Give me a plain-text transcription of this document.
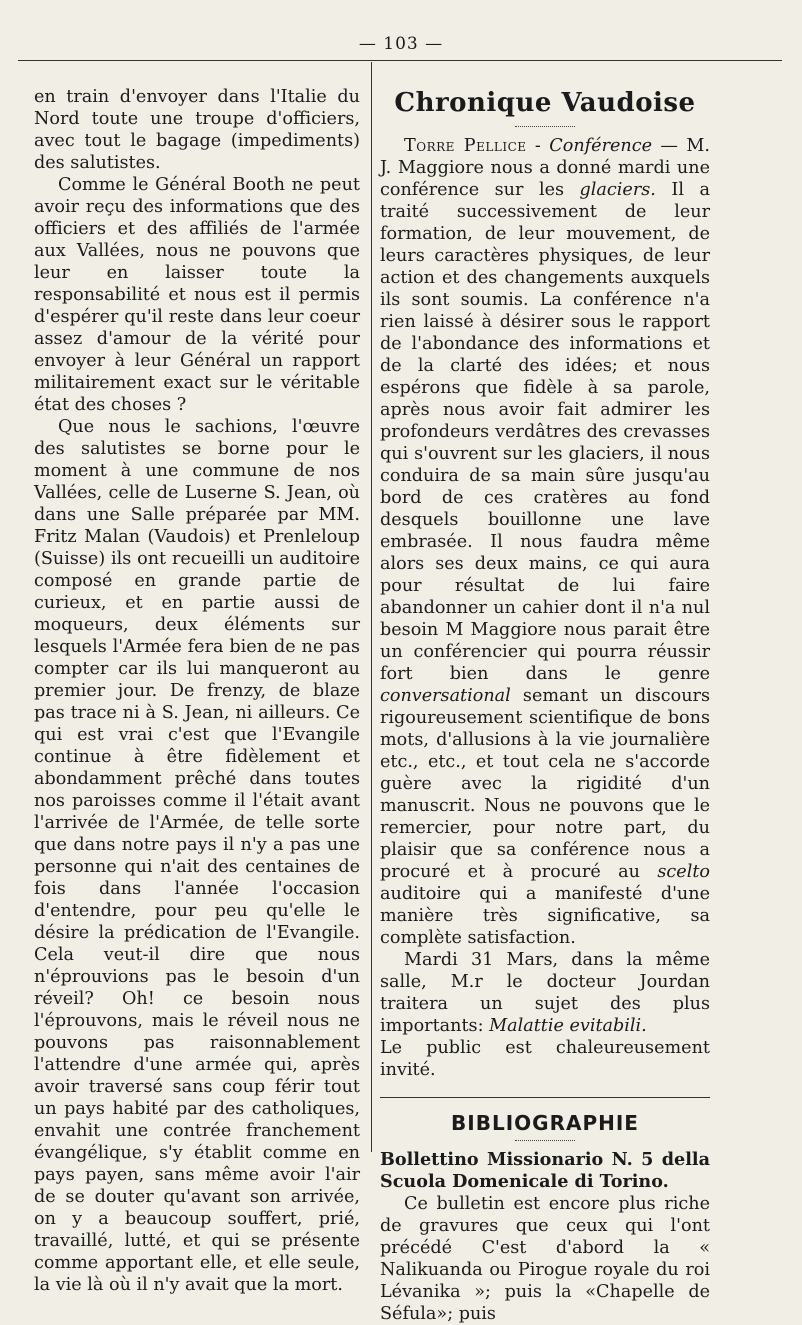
— 103 —

en train d'envoyer dans l'Italie du Nord toute une troupe d'officiers, avec tout le bagage (impediments) des salutistes.

Comme le Général Booth ne peut avoir reçu des informations que des officiers et des affiliés de l'armée aux Vallées, nous ne pouvons que leur en laisser toute la responsabilité et nous est il permis d'espérer qu'il reste dans leur coeur assez d'amour de la vérité pour envoyer à leur Général un rapport militairement exact sur le véritable état des choses ?

Que nous le sachions, l'œuvre des salutistes se borne pour le moment à une commune de nos Vallées, celle de Luserne S. Jean, où dans une Salle préparée par MM. Fritz Malan (Vaudois) et Prenleloup (Suisse) ils ont recueilli un auditoire composé en grande partie de curieux, et en partie aussi de moqueurs, deux éléments sur lesquels l'Armée fera bien de ne pas compter car ils lui manqueront au premier jour. De frenzy, de blaze pas trace ni à S. Jean, ni ailleurs. Ce qui est vrai c'est que l'Evangile continue à être fidèlement et abondamment prêché dans toutes nos paroisses comme il l'était avant l'arrivée de l'Armée, de telle sorte que dans notre pays il n'y a pas une personne qui n'ait des centaines de fois dans l'année l'occasion d'entendre, pour peu qu'elle le désire la prédication de l'Evangile. Cela veut-il dire que nous n'éprouvions pas le besoin d'un réveil? Oh! ce besoin nous l'éprouvons, mais le réveil nous ne pouvons pas raisonnablement l'attendre d'une armée qui, après avoir traversé sans coup férir tout un pays habité par des catholiques, envahit une contrée franchement évangélique, s'y établit comme en pays payen, sans même avoir l'air de se douter qu'avant son arrivée, on y a beaucoup souffert, prié, travaillé, lutté, et qui se présente comme apportant elle, et elle seule, la vie là où il n'y avait que la mort.

Chronique Vaudoise

Torre Pellice - Conférence — M. J. Maggiore nous a donné mardi une conférence sur les glaciers. Il a traité successivement de leur formation, de leur mouvement, de leurs caractères physiques, de leur action et des changements auxquels ils sont soumis. La conférence n'a rien laissé à désirer sous le rapport de l'abondance des informations et de la clarté des idées; et nous espérons que fidèle à sa parole, après nous avoir fait admirer les profondeurs verdâtres des crevasses qui s'ouvrent sur les glaciers, il nous conduira de sa main sûre jusqu'au bord de ces cratères au fond desquels bouillonne une lave embrasée. Il nous faudra même alors ses deux mains, ce qui aura pour résultat de lui faire abandonner un cahier dont il n'a nul besoin M Maggiore nous parait être un conférencier qui pourra réussir fort bien dans le genre conversational semant un discours rigoureusement scientifique de bons mots, d'allusions à la vie journalière etc., etc., et tout cela ne s'accorde guère avec la rigidité d'un manuscrit. Nous ne pouvons que le remercier, pour notre part, du plaisir que sa conférence nous a procuré et à procuré au scelto auditoire qui a manifesté d'une manière très significative, sa complète satisfaction.

Mardi 31 Mars, dans la même salle, M.r le docteur Jourdan traitera un sujet des plus importants: Malattie evitabili.

Le public est chaleureusement invité.

BIBLIOGRAPHIE

Bollettino Missionario N. 5 della Scuola Domenicale di Torino.

Ce bulletin est encore plus riche de gravures que ceux qui l'ont précédé C'est d'abord la « Nalikuanda ou Pirogue royale du roi Lévanika »; puis la «Chapelle de Séfula»; puis
